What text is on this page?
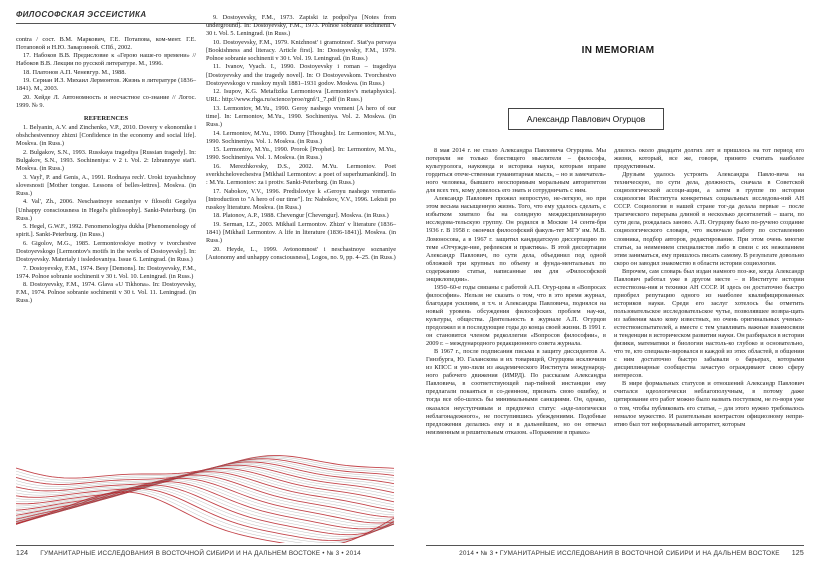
ФИЛОСОФСКАЯ ЭССЕИСТИКА

contra / сост. В.М. Маркович, Г.Е. Потапова, ком-мент. Г.Е. Потаповой и Н.Ю. Заварзиной. СПб., 2002.

17. Набоков В.В. Предисловие к «Герою наше-го времени» // Набоков В.В. Лекции по русской литературе. М., 1996.

18. Платонов А.П. Ченевгур. М., 1988.

19. Сериан И.З. Михаил Лермонтов. Жизнь в литературе (1836–1841). М., 2003.

20. Хейде Л. Автономность и несчастное со-знание // Логос. 1999. № 9.

REFERENCES

1. Belyanin, A.V. and Zinchenko, V.P., 2010. Dovery v ekonomike i obshchestvennoy zhizni [Confidence in the economy and social life]. Moskva. (in Russ.)

2. Bulgakov, S.N., 1993. Russkaya tragediya [Russian tragedy]. In: Bulgakov, S.N., 1993. Sochineniya: v 2 t. Vol. 2: Izbrannyye stat'i. Moskva. (in Russ.)

3. Vayl', P. and Genis, A., 1991. Rodnaya rech'. Uroki izyashchnoy slovesnosti [Mother tongue. Lessons of belles-lettres]. Moskva. (in Russ.)

4. Val', Zh., 2006. Neschastnoye soznaniye v filosofii Gegelya [Unhappy consciousness in Hegel's philosophy]. Sankt-Peterburg. (in Russ.)

5. Hegel, G.W.F., 1992. Fenomenologiya dukha [Phenomenology of spirit.]. Sankt-Peterburg. (in Russ.)

6. Gigolov, M.G., 1985. Lermontovskiye motivy v tvorchestve Dostoyevskogo [Lermontov's motifs in the works of Dostoyevsky]. In: Dostoyevsky. Materialy i issledovaniya. Issue 6. Leningrad. (in Russ.)

7. Dostoyevsky, F.M., 1974. Besy [Demons]. In: Dostoyevsky, F.M., 1974. Polnoe sobranie sochinenii v 30 t. Vol. 10. Leningrad. (in Russ.)

8. Dostoyevsky, F.M., 1974. Glava «U Tikhona». In: Dostoyevsky, F.M., 1974. Polnoe sobranie sochinenii v 30 t. Vol. 11. Leningrad. (in Russ.)

9. Dostoyevsky, F.M., 1973. Zapiski iz podpol'ya [Notes from underground]. In: Dostoyevsky, F.M., 1973. Polnoe sobranie sochinenii v 30 t. Vol. 5. Leningrad. (in Russ.)

10. Dostoyevsky, F.M., 1979. Knizhnost' i gramotnost'. Stat'ya pervaya [Bookishness and literacy. Article first]. In: Dostoyevsky, F.M., 1979. Polnoe sobranie sochinenii v 30 t. Vol. 19. Leningrad. (in Russ.)

11. Ivanov, Vyach. I., 1990. Dostoyevsky i roman – tragediya [Dostoyevsky and the tragedy novel]. In: O Dostoyevskom. Tvorchestvo Dostoyevskogo v russkoy mysli 1881–1931 godov. Moskva. (in Russ.)

12. Isupov, K.G. Metafizika Lermontova [Lermontov's metaphysics]. URL: http://www.rhga.ru/science/proe/rgnf/1_7.pdf (in Russ.)

13. Lermontov, M.Yu., 1990. Geroy nashego vremeni [A hero of our time]. In: Lermontov, M.Yu., 1990. Sochineniya. Vol. 2. Moskva. (in Russ.)

14. Lermontov, M.Yu., 1990. Dumy [Thoughts]. In: Lermontov, M.Yu., 1990. Sochineniya. Vol. 1. Moskva. (in Russ.)

15. Lermontov, M.Yu., 1990. Prorok [Prophet]. In: Lermontov, M.Yu., 1990. Sochineniya. Vol. 1. Moskva. (in Russ.)

16. Merezhkovsky, D.S., 2002. M.Yu. Lermontov. Poet sverkhchelovechestva [Mikhail Lermontov: a poet of superhumankind]. In : M.Yu. Lermontov: za i protiv. Sankt-Peterburg. (in Russ.)

17. Nabokov, V.V., 1996. Predisloviye k «Geroyu nashego vremeni» [Introduction to "A hero of our time"]. In: Nabokov, V.V., 1996. Lektsii po russkoy literature. Moskva. (in Russ.)

18. Platonov, A.P., 1988. Chevengur [Chevengur]. Moskva. (in Russ.)

19. Serman, I.Z., 2003. Mikhail Lermontov. Zhizn' v literature (1836–1841) [Mikhail Lermontov. A life in literature (1836-1841)]. Moskva. (in Russ.)

20. Heyde, L., 1999. Avtonomnost' i neschastnoye soznaniye [Autonomy and unhappy consciousness], Logos, no. 9, pp. 4–25. (in Russ.)

124 ГУМАНИТАРНЫЕ ИССЛЕДОВАНИЯ В ВОСТОЧНОЙ СИБИРИ И НА ДАЛЬНЕМ ВОСТОКЕ • № 3 • 2014
IN MEMORIAM
Александр Павлович Огурцов

8 мая 2014 г. не стало Александра Павловича Огурцова. Мы потеряли не только блестящего мыслителя – философа, культуролога, науковеда и историка науки, которым вправе гордиться отече-ственная гуманитарная мысль, – но и замечатель-ного человека, бывшего неоспоримым моральным авторитетом для всех тех, кому довелось его знать и сотрудничать с ним.

Александр Павлович прожил непростую, не-легкую, но при этом весьма насыщенную жизнь. Того, что ему удалось сделать, с избытком хватило бы на солидную междисциплинарную исследова-тельскую группу. Он родился в Москве 14 сентя-бря 1936 г. В 1958 г. окончил философский факуль-тет МГУ им. М.В. Ломоносова, а в 1967 г. защитил кандидатскую диссертацию по теме «Отчужде-ние, рефлексия и практика». В этой диссертации Александр Павлович, по сути дела, объединил под одной обложкой три крупных по объему и фунда-ментальных по содержанию статьи, написанные им для «Философской энциклопедии».

1950–60-е годы связаны с работой А.П. Огур-цова в «Вопросах философии». Нельзя не сказать о том, что в это время журнал, благодаря усилиям, в т.ч. и Александра Павловича, поднялся на новый уровень обсуждения философских проблем нау-ки, культуры, общества. Деятельность в журнале А.П. Огурцов продолжил и в последующие годы до конца своей жизни. В 1991 г. он становится членом редколлегии «Вопросов философии», в 2009 г. – международного редакционного совета журнала.

В 1967 г., после подписания письма в защиту диссидентов А. Гинзбурга, Ю. Галанскова и их товарищей, Огурцова исключили из КПСС и уво-лили из академического Института международ-ного рабочего движения (ИМРД). По рассказам Александра Павловича, в соответствующей пар-тийной инстанции ему предлагали покаяться в со-деянном, признать свою ошибку, и тогда все обо-шлось бы минимальными санкциями. Он, однако, оказался неуступчивым и предпочел статус «иде-ологически неблагонадежного», не поступившись убеждениями. Подобные предложения делались ему и в дальнейшем, но он отвечал неизменным и решительным отказом. «Поражение в правах»

длилось около двадцати долгих лет и пришлось на тот период его жизни, который, все же, говоря, принято считать наиболее продуктивным.

Друзьям удалось устроить Александра Павло-вича на техническую, по сути дела, должность, сначала в Советской социологической ассоци-ации, а затем в группе по истории социологии Института конкретных социальных исследова-ний АН СССР. Социология в нашей стране тог-да делала первые – после трагического перерыва длиной в несколько десятилетий – шаги, по сути дела, рождалась заново. А.П. Огурцову было по-ручено создание социологического словаря, что включало работу по составлению словника, подбор авторов, редактирование. При этом очень многие статьи, за неимением специалистов либо в связи с их нежеланием этим заниматься, ему пришлось писать самому. В результате довольно скоро он заводил знакомство в области истории социологии.

Впрочем, сам словарь был издан намного поз-же, когда Александр Павлович работал уже в другом месте – в Институте истории естествозна-ния и техники АН СССР. И здесь он достаточно быстро приобрел репутацию одного из наиболее квалифицированных историков науки. Среди его заслуг хотелось бы отметить пользовательское исследовательское чутье, позволявшее возвра-щать из забвения мало кому известных, но очень оригинальных ученых-естествоиспытателей, а вместе с тем улавливать важные взаимосвязи и тенденции в историческом развитии науки. Он разбирался в истории физики, математики и биологии настоль-ко глубоко и основательно, что те, кто специали-зировался в каждой из этих областей, в общении с ним достаточно быстро забывали о барьерах, которыми дисциплинарные сообщества зачастую ограждивают свою сферу интересов.

В мире формальных статусов и отношений Александр Павлович считался идеологически неблагополучным, в потому даже цитирование его работ можно было назвать поступком, не го-воря уже о том, чтобы публиковать его статьи, – для этого нужно требовалось немалое мужество. И разительным контрастом официозному непри-ятию был тот неформальный авторитет, которым

2014 • № 3 • ГУМАНИТАРНЫЕ ИССЛЕДОВАНИЯ В ВОСТОЧНОЙ СИБИРИ И НА ДАЛЬНЕМ ВОСТОКЕ 125
